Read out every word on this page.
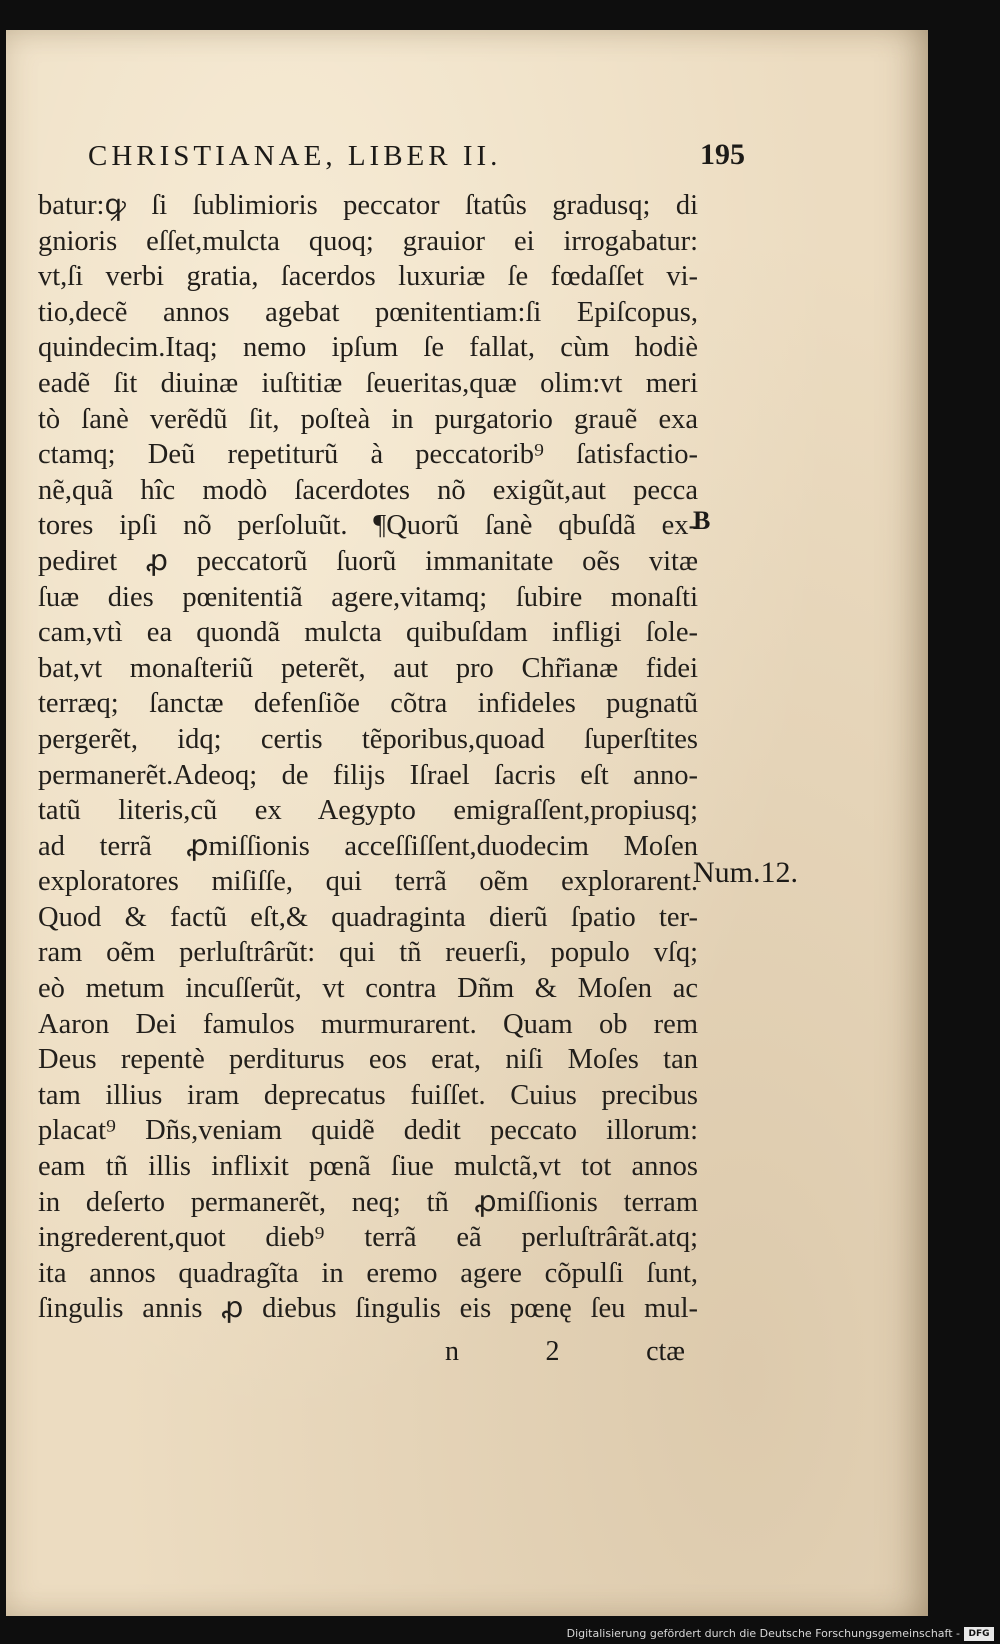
CHRISTIANAE, LIBER II.	195
batur:ꝙ ſi ſublimioris peccator ſtatûs gradusq; di
gnioris eſſet,mulcta quoq; grauior ei irrogabatur:
vt,ſi verbi gratia, ſacerdos luxuriæ ſe fœdaſſet vi-
tio,decẽ annos agebat pœnitentiam:ſi Epiſcopus,
quindecim.Itaq; nemo ipſum ſe fallat, cùm hodiè
eadẽ ſit diuinæ iuſtitiæ ſeueritas,quæ olim:vt meri
tò ſanè verẽdũ ſit, poſteà in purgatorio grauẽ exa
ctamq; Deũ repetiturũ à peccatorib⁹ ſatisfactio-
nẽ,quã hîc modò ſacerdotes nõ exigũt,aut pecca
tores ipſi nõ perſoluũt. ¶Quorũ ſanè qbuſdã ex-
pediret ꝓ peccatorũ ſuorũ immanitate oẽs vitæ
ſuæ dies pœnitentiã agere,vitamq; ſubire monaſti
cam,vtì ea quondã mulcta quibuſdam infligi ſole-
bat,vt monaſteriũ peterẽt, aut pro Chr̃ianæ fidei
terræq; ſanctæ defenſiõe cõtra infideles pugnatũ
pergerẽt, idq; certis tẽporibus,quoad ſuperſtites
permanerẽt.Adeoq; de filijs Iſrael ſacris eſt anno-
tatũ literis,cũ ex Aegypto emigraſſent,propiusq;
ad terrã ꝓmiſſionis acceſſiſſent,duodecim Moſen
exploratores miſiſſe, qui terrã oẽm explorarent.
Quod & factũ eſt,& quadraginta dierũ ſpatio ter-
ram oẽm perluſtrârũt: qui tñ reuerſi, populo vſq;
eò metum incuſſerũt, vt contra Dñm & Moſen ac
Aaron Dei famulos murmurarent. Quam ob rem
Deus repentè perditurus eos erat, niſi Moſes tan
tam illius iram deprecatus fuiſſet. Cuius precibus
placat⁹ Dñs,veniam quidẽ dedit peccato illorum:
eam tñ illis inflixit pœnã ſiue mulctã,vt tot annos
in deſerto permanerẽt, neq; tñ ꝓmiſſionis terram
ingrederent,quot dieb⁹ terrã eã perluſtrârãt.atq;
ita annos quadragĩta in eremo agere cõpulſi ſunt,
ſingulis annis ꝓ diebus ſingulis eis pœnę ſeu mul-
B
Num.12.
n	2	ctæ
Digitalisierung gefördert durch die Deutsche Forschungsgemeinschaft - DFG
